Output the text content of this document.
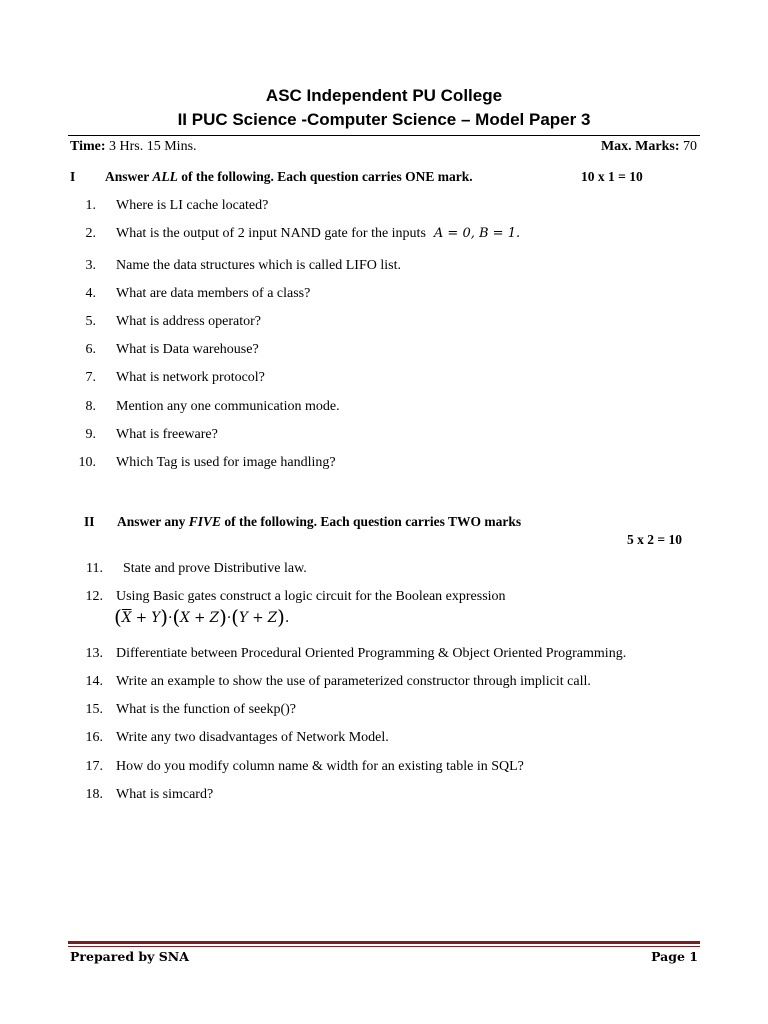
ASC Independent PU College
II PUC Science -Computer Science – Model Paper 3
Time: 3 Hrs. 15 Mins.	Max. Marks: 70
I Answer ALL of the following. Each question carries ONE mark.	10 x 1 = 10
1. Where is LI cache located?
2. What is the output of 2 input NAND gate for the inputs A = 0, B = 1.
3. Name the data structures which is called LIFO list.
4. What are data members of a class?
5. What is address operator?
6. What is Data warehouse?
7. What is network protocol?
8. Mention any one communication mode.
9. What is freeware?
10. Which Tag is used for image handling?
II Answer any FIVE of the following. Each question carries TWO marks
5 x 2 = 10
11. State and prove Distributive law.
12. Using Basic gates construct a logic circuit for the Boolean expression
13. Differentiate between Procedural Oriented Programming & Object Oriented Programming.
14. Write an example to show the use of parameterized constructor through implicit call.
15. What is the function of seekp()?
16. Write any two disadvantages of Network Model.
17. How do you modify column name & width for an existing table in SQL?
18. What is simcard?
$(\overline{X} + Y)\cdot(X + Z)\cdot(Y + Z)$.
Prepared by SNA	Page 1
